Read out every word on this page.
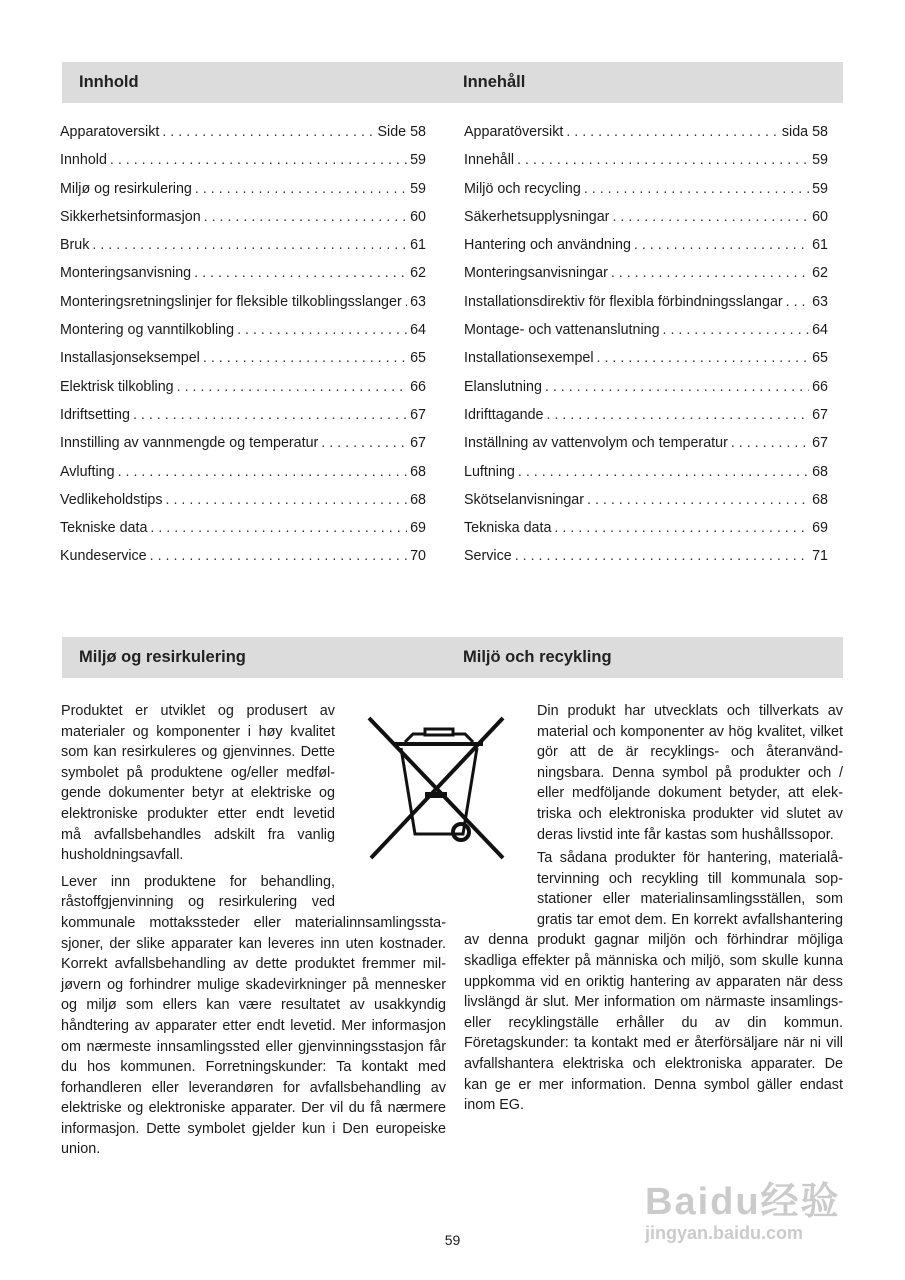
Innhold	Innehåll
Apparatoversikt . . .	Side 58
Innhold . . .	59
Miljø og resirkulering . . .	59
Sikkerhetsinformasjon . . .	60
Bruk . . .	61
Monteringsanvisning . . .	62
Monteringsretningslinjer for fleksible tilkoblingsslanger . . . 63
Montering og vanntilkobling . . .	64
Installasjonseksempel . . .	65
Elektrisk tilkobling . . .	66
Idriftsetting . . .	67
Innstilling av vannmengde og temperatur . . .	67
Avlufting . . .	68
Vedlikeholdstips . . .	68
Tekniske data . . .	69
Kundeservice . . .	70
Apparatöversikt . . .	sida 58
Innehåll . . .	59
Miljö och recycling . . .	59
Säkerhetsupplysningar . . .	60
Hantering och användning . . .	61
Monteringsanvisningar . . .	62
Installationsdirektiv för flexibla förbindningsslangar . . . 63
Montage- och vattenanslutning . . .	64
Installationsexempel . . .	65
Elanslutning . . .	66
Idrifttagande . . .	67
Inställning av vattenvolym och temperatur . . .	67
Luftning . . .	68
Skötselanvisningar . . .	68
Tekniska data . . .	69
Service . . .	71
Miljø og resirkulering	Miljö och recykling

Produktet er utviklet og produsert av materialer og komponenter i høy kvalitet som kan resirkuleres og gjenvinnes. Dette symbolet på produktene og/eller medfølgende dokumenter betyr at elektriske og elektroniske produkter etter endt levetid må avfallsbehandles adskilt fra vanlig husholdningsavfall.

Lever inn produktene for behandling, råstoffgjenvinning og resirkulering ved kommunale mottakssteder eller materialinnsamlingsstasjoner, der slike apparater kan leveres inn uten kostnader. Korrekt avfallsbehandling av dette produktet fremmer miljøvern og forhindrer mulige skadevirkninger på mennesker og miljø som ellers kan være resultatet av usakkyndig håndtering av apparater etter endt levetid. Mer informasjon om nærmeste innsamlingssted eller gjenvinningsstasjon får du hos kommunen. Forretningskunder: Ta kontakt med forhandleren eller leverandøren for avfallsbehandling av elektriske og elektroniske apparater. Der vil du få nærmere informasjon. Dette symbolet gjelder kun i Den europeiske union.

Din produkt har utvecklats och tillverkats av material och komponenter av hög kvalitet, vilket gör att de är recyklings- och återanvändningsbara. Denna symbol på produkter och / eller medföljande dokument betyder, att elektriska och elektroniska produkter vid slutet av deras livstid inte får kastas som hushållssopor.

Ta sådana produkter för hantering, materialåtervinning och recykling till kommunala sopstationer eller materialinsamlingsställen, som gratis tar emot dem. En korrekt avfallshantering av denna produkt gagnar miljön och förhindrar möjliga skadliga effekter på människa och miljö, som skulle kunna uppkomma vid en oriktig hantering av apparaten när dess livslängd är slut. Mer information om närmaste insamlings- eller recyklingställe erhåller du av din kommun. Företagskunder: ta kontakt med er återförsäljare när ni vill avfallshantera elektriska och elektroniska apparater. De kan ge er mer information. Denna symbol gäller endast inom EG.

59
Baidu经验
jingyan.baidu.com
